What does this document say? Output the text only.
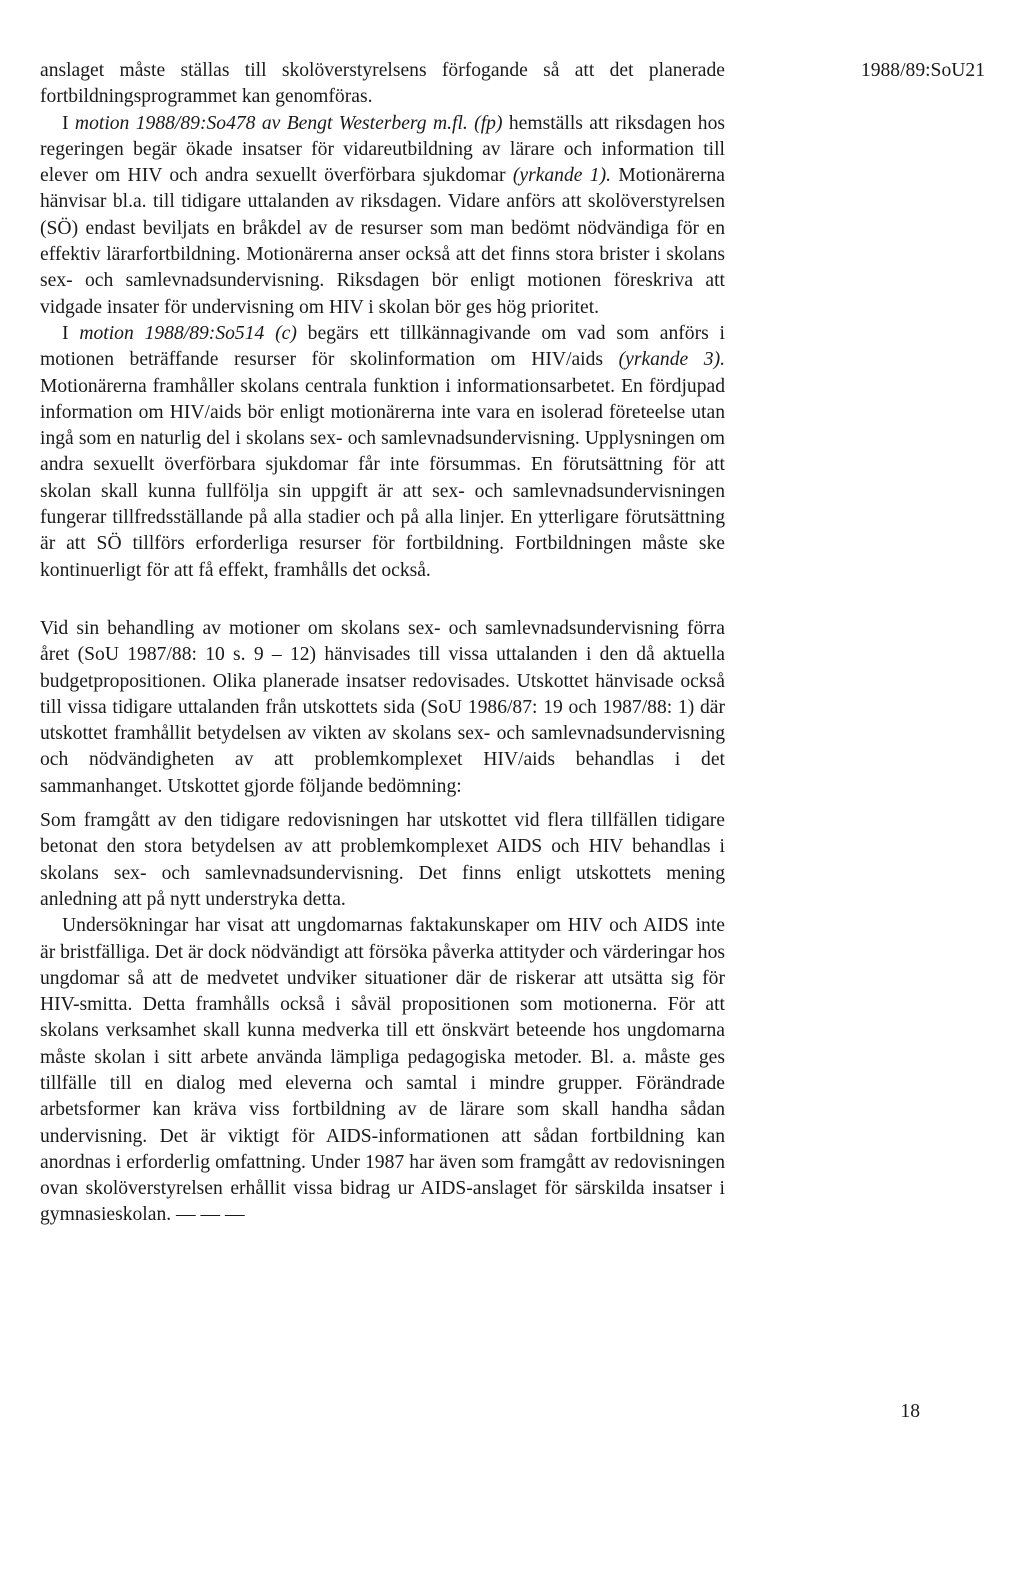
1988/89:SoU21

anslaget måste ställas till skolöverstyrelsens förfogande så att det planerade fortbildningsprogrammet kan genomföras.

I motion 1988/89:So478 av Bengt Westerberg m.fl. (fp) hemställs att riksdagen hos regeringen begär ökade insatser för vidareutbildning av lärare och information till elever om HIV och andra sexuellt överförbara sjukdomar (yrkande 1). Motionärerna hänvisar bl.a. till tidigare uttalanden av riksdagen. Vidare anförs att skolöverstyrelsen (SÖ) endast beviljats en bråkdel av de resurser som man bedömt nödvändiga för en effektiv lärarfortbildning. Motionärerna anser också att det finns stora brister i skolans sex- och samlevnadsundervisning. Riksdagen bör enligt motionen föreskriva att vidgade insater för undervisning om HIV i skolan bör ges hög prioritet.

I motion 1988/89:So514 (c) begärs ett tillkännagivande om vad som anförs i motionen beträffande resurser för skolinformation om HIV/aids (yrkande 3). Motionärerna framhåller skolans centrala funktion i informationsarbetet. En fördjupad information om HIV/aids bör enligt motionärerna inte vara en isolerad företeelse utan ingå som en naturlig del i skolans sex- och samlevnadsundervisning. Upplysningen om andra sexuellt överförbara sjukdomar får inte försummas. En förutsättning för att skolan skall kunna fullfölja sin uppgift är att sex- och samlevnadsundervisningen fungerar tillfredsställande på alla stadier och på alla linjer. En ytterligare förutsättning är att SÖ tillförs erforderliga resurser för fortbildning. Fortbildningen måste ske kontinuerligt för att få effekt, framhålls det också.

Vid sin behandling av motioner om skolans sex- och samlevnadsundervisning förra året (SoU 1987/88: 10 s. 9 – 12) hänvisades till vissa uttalanden i den då aktuella budgetpropositionen. Olika planerade insatser redovisades. Utskottet hänvisade också till vissa tidigare uttalanden från utskottets sida (SoU 1986/87: 19 och 1987/88: 1) där utskottet framhållit betydelsen av vikten av skolans sex- och samlevnadsundervisning och nödvändigheten av att problemkomplexet HIV/aids behandlas i det sammanhanget. Utskottet gjorde följande bedömning:

Som framgått av den tidigare redovisningen har utskottet vid flera tillfällen tidigare betonat den stora betydelsen av att problemkomplexet AIDS och HIV behandlas i skolans sex- och samlevnadsundervisning. Det finns enligt utskottets mening anledning att på nytt understryka detta.

Undersökningar har visat att ungdomarnas faktakunskaper om HIV och AIDS inte är bristfälliga. Det är dock nödvändigt att försöka påverka attityder och värderingar hos ungdomar så att de medvetet undviker situationer där de riskerar att utsätta sig för HIV-smitta. Detta framhålls också i såväl propositionen som motionerna. För att skolans verksamhet skall kunna medverka till ett önskvärt beteende hos ungdomarna måste skolan i sitt arbete använda lämpliga pedagogiska metoder. Bl. a. måste ges tillfälle till en dialog med eleverna och samtal i mindre grupper. Förändrade arbetsformer kan kräva viss fortbildning av de lärare som skall handha sådan undervisning. Det är viktigt för AIDS-informationen att sådan fortbildning kan anordnas i erforderlig omfattning. Under 1987 har även som framgått av redovisningen ovan skolöverstyrelsen erhållit vissa bidrag ur AIDS-anslaget för särskilda insatser i gymnasieskolan. — — —

18
